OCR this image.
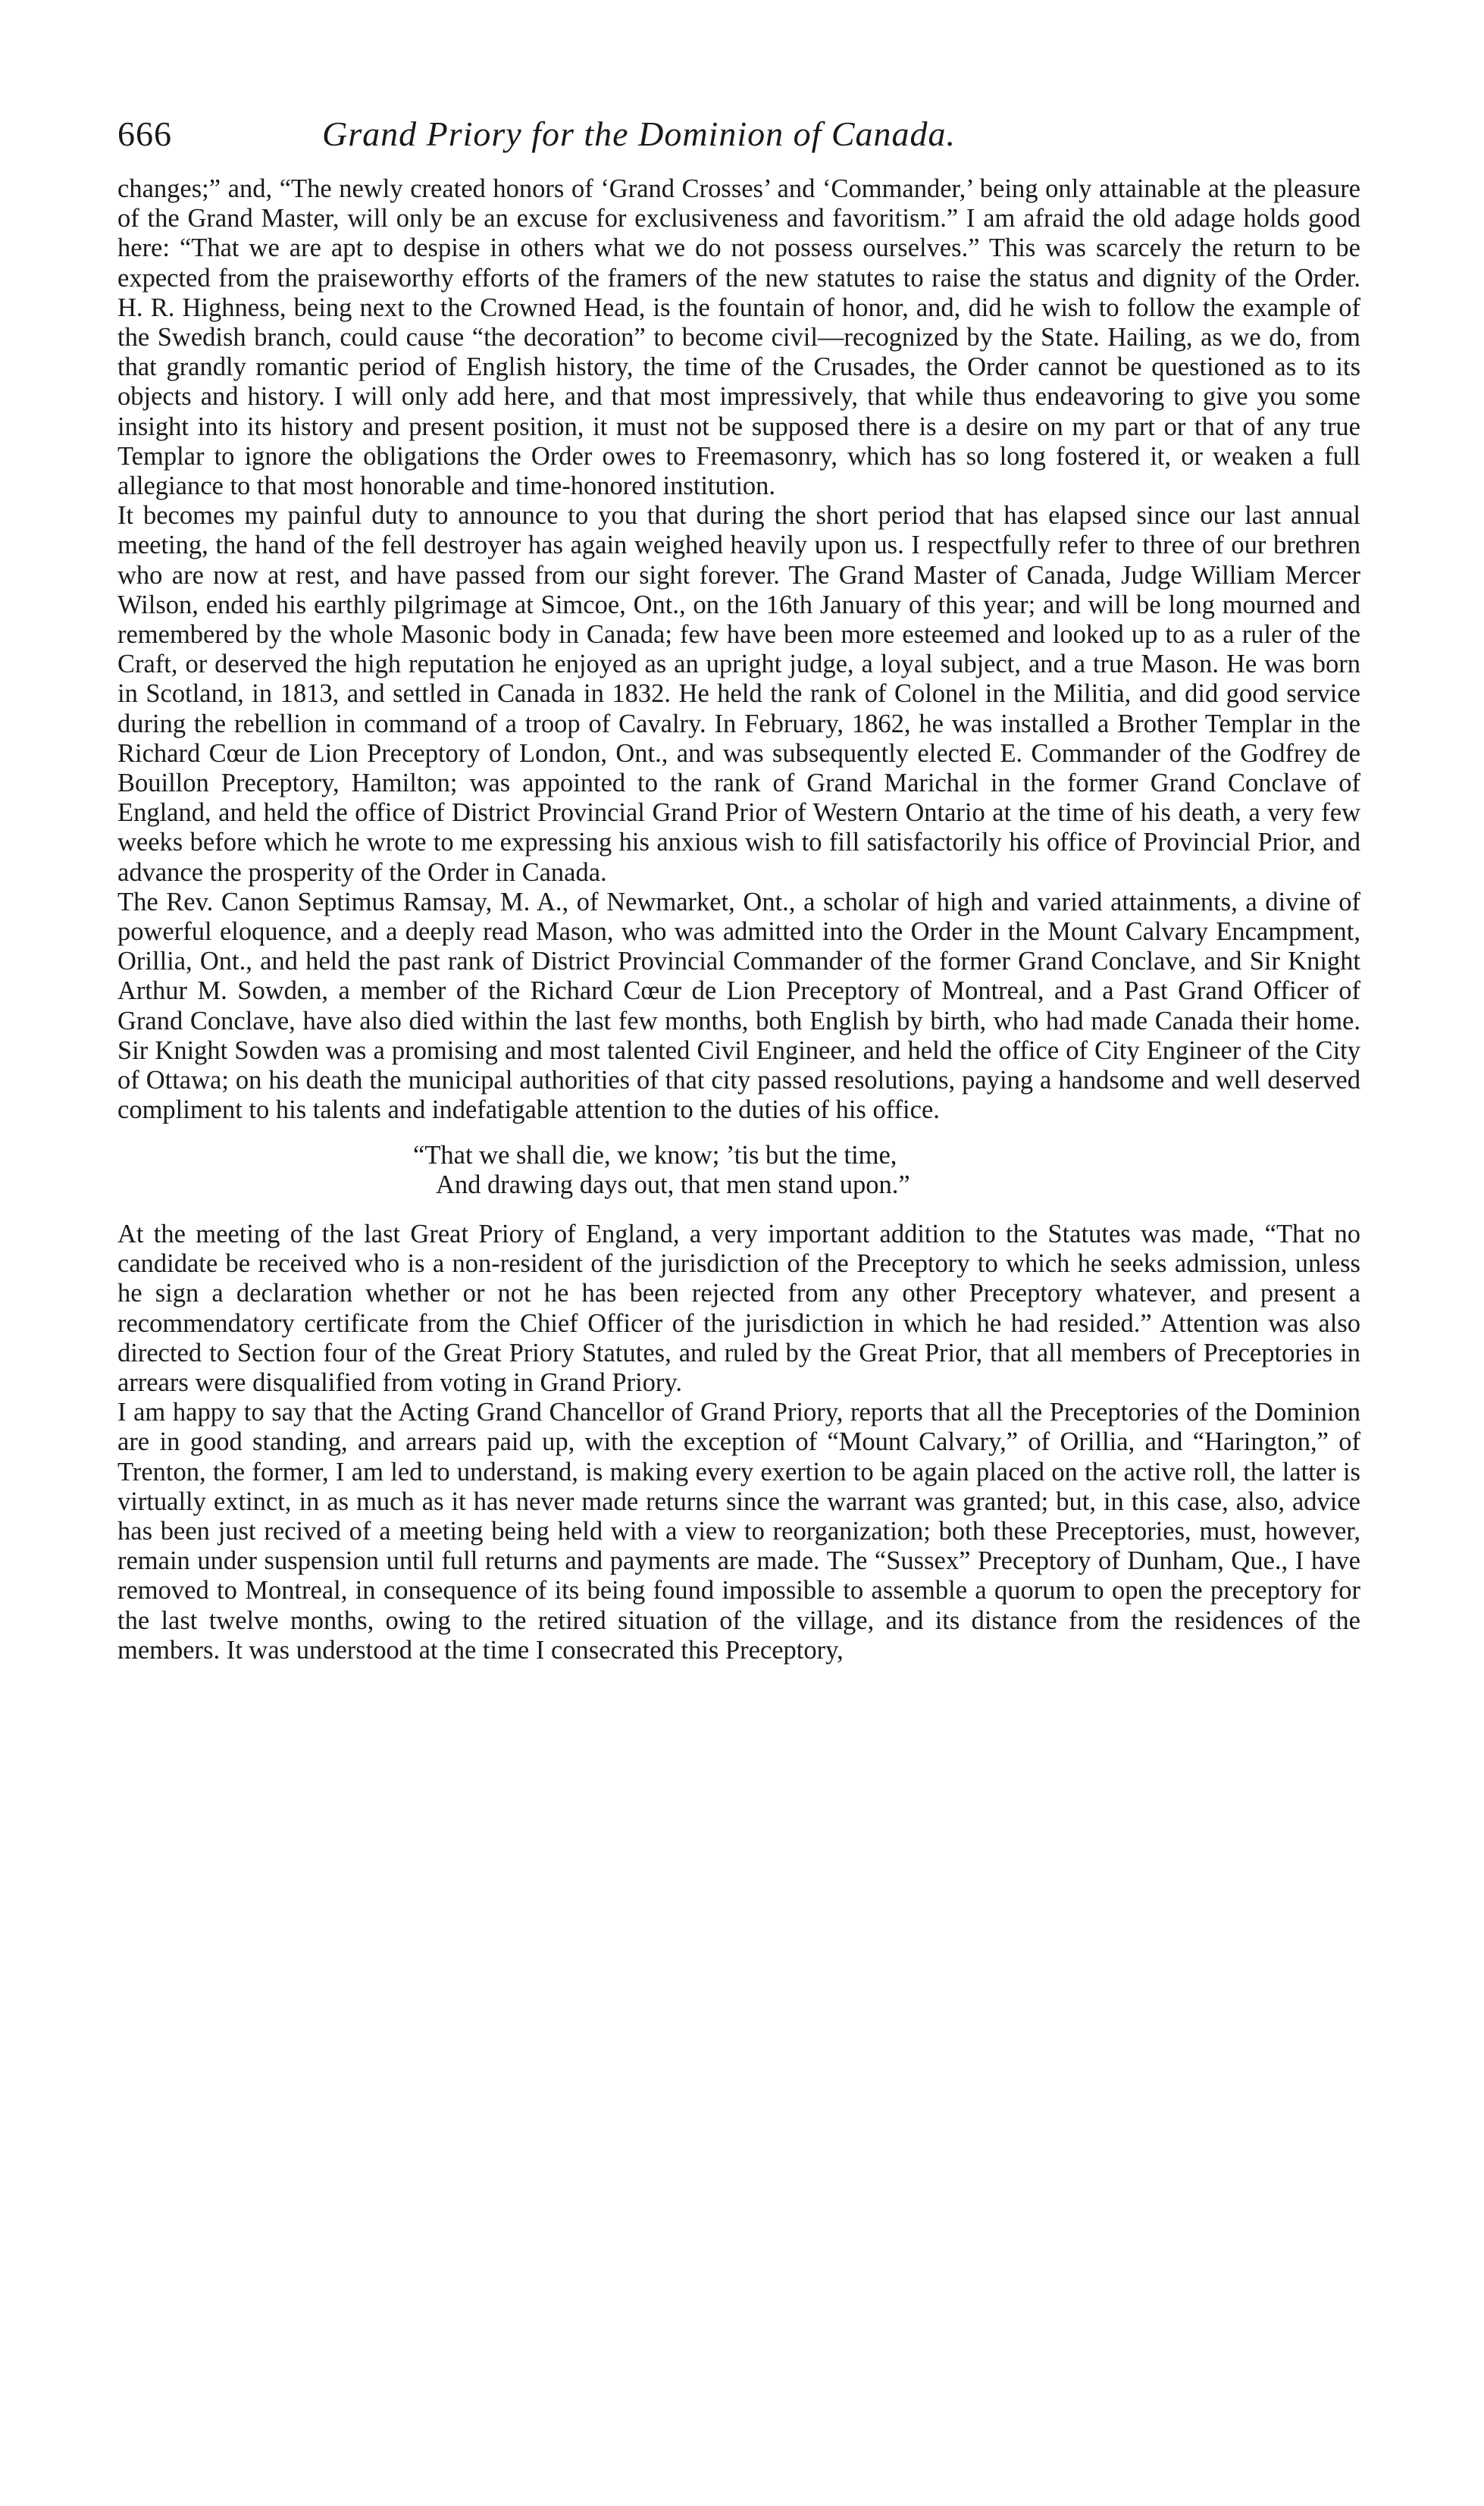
666	Grand Priory for the Dominion of Canada.

changes;” and, “The newly created honors of ‘Grand Crosses’ and ‘Commander,’ being only attainable at the pleasure of the Grand Master, will only be an excuse for exclusiveness and favoritism.” I am afraid the old adage holds good here: “That we are apt to despise in others what we do not possess ourselves.” This was scarcely the return to be expected from the praiseworthy efforts of the framers of the new statutes to raise the status and dignity of the Order. H. R. Highness, being next to the Crowned Head, is the fountain of honor, and, did he wish to follow the example of the Swedish branch, could cause “the decoration” to become civil—recognized by the State. Hailing, as we do, from that grandly romantic period of English history, the time of the Crusades, the Order cannot be questioned as to its objects and history. I will only add here, and that most impressively, that while thus endeavoring to give you some insight into its history and present position, it must not be supposed there is a desire on my part or that of any true Templar to ignore the obligations the Order owes to Freemasonry, which has so long fostered it, or weaken a full allegiance to that most honorable and time-honored institution.

It becomes my painful duty to announce to you that during the short period that has elapsed since our last annual meeting, the hand of the fell destroyer has again weighed heavily upon us. I respectfully refer to three of our brethren who are now at rest, and have passed from our sight forever. The Grand Master of Canada, Judge William Mercer Wilson, ended his earthly pilgrimage at Simcoe, Ont., on the 16th January of this year; and will be long mourned and remembered by the whole Masonic body in Canada; few have been more esteemed and looked up to as a ruler of the Craft, or deserved the high reputation he enjoyed as an upright judge, a loyal subject, and a true Mason. He was born in Scotland, in 1813, and settled in Canada in 1832. He held the rank of Colonel in the Militia, and did good service during the rebellion in command of a troop of Cavalry. In February, 1862, he was installed a Brother Templar in the Richard Cœur de Lion Preceptory of London, Ont., and was subsequently elected E. Commander of the Godfrey de Bouillon Preceptory, Hamilton; was appointed to the rank of Grand Marichal in the former Grand Conclave of England, and held the office of District Provincial Grand Prior of Western Ontario at the time of his death, a very few weeks before which he wrote to me expressing his anxious wish to fill satisfactorily his office of Provincial Prior, and advance the prosperity of the Order in Canada.

The Rev. Canon Septimus Ramsay, M. A., of Newmarket, Ont., a scholar of high and varied attainments, a divine of powerful eloquence, and a deeply read Mason, who was admitted into the Order in the Mount Calvary Encampment, Orillia, Ont., and held the past rank of District Provincial Commander of the former Grand Conclave, and Sir Knight Arthur M. Sowden, a member of the Richard Cœur de Lion Preceptory of Montreal, and a Past Grand Officer of Grand Conclave, have also died within the last few months, both English by birth, who had made Canada their home. Sir Knight Sowden was a promising and most talented Civil Engineer, and held the office of City Engineer of the City of Ottawa; on his death the municipal authorities of that city passed resolutions, paying a handsome and well deserved compliment to his talents and indefatigable attention to the duties of his office.

“That we shall die, we know; ’tis but the time,
And drawing days out, that men stand upon.”

At the meeting of the last Great Priory of England, a very important addition to the Statutes was made, “That no candidate be received who is a non-resident of the jurisdiction of the Preceptory to which he seeks admission, unless he sign a declaration whether or not he has been rejected from any other Preceptory whatever, and present a recommendatory certificate from the Chief Officer of the jurisdiction in which he had resided.” Attention was also directed to Section four of the Great Priory Statutes, and ruled by the Great Prior, that all members of Preceptories in arrears were disqualified from voting in Grand Priory.

I am happy to say that the Acting Grand Chancellor of Grand Priory, reports that all the Preceptories of the Dominion are in good standing, and arrears paid up, with the exception of “Mount Calvary,” of Orillia, and “Harington,” of Trenton, the former, I am led to understand, is making every exertion to be again placed on the active roll, the latter is virtually extinct, in as much as it has never made returns since the warrant was granted; but, in this case, also, advice has been just recived of a meeting being held with a view to reorganization; both these Preceptories, must, however, remain under suspension until full returns and payments are made. The “Sussex” Preceptory of Dunham, Que., I have removed to Montreal, in consequence of its being found impossible to assemble a quorum to open the preceptory for the last twelve months, owing to the retired situation of the village, and its distance from the residences of the members. It was understood at the time I consecrated this Preceptory,
